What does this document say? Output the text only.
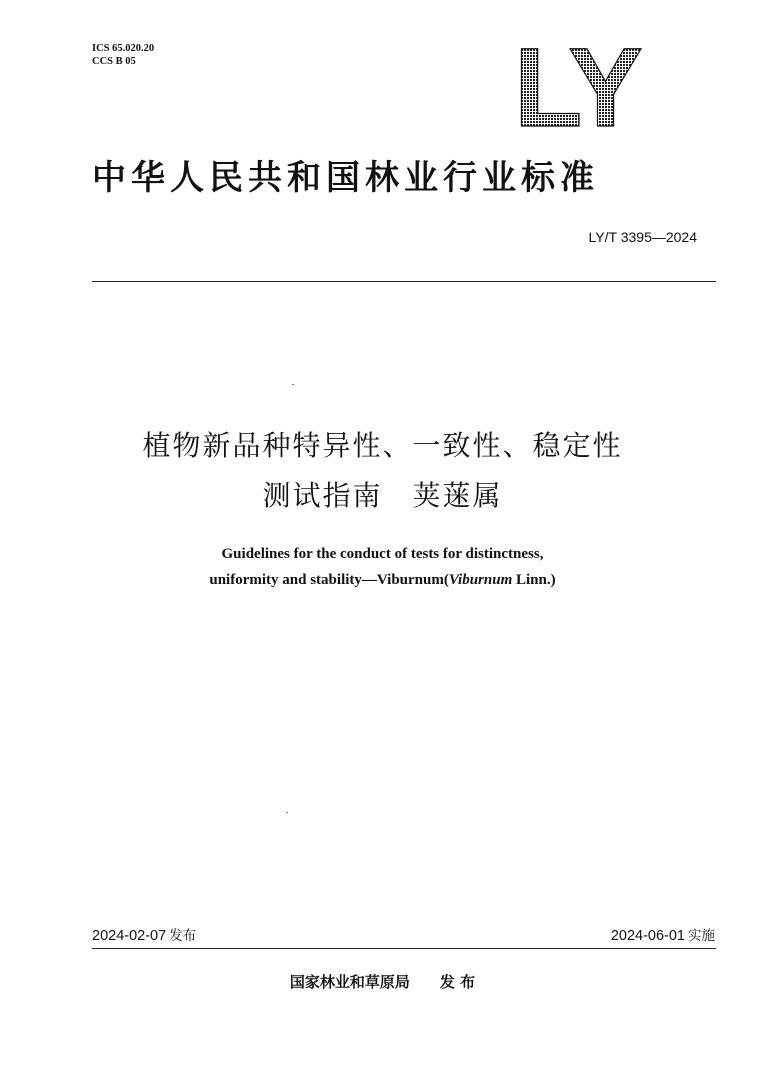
ICS 65.020.20
CCS B 05	LY
中华人民共和国林业行业标准
LY/T 3395—2024
植物新品种特异性、一致性、稳定性
测试指南　荚蒾属
Guidelines for the conduct of tests for distinctness,
uniformity and stability—Viburnum(Viburnum Linn.)
2024-02-07 发布	2024-06-01 实施
国家林业和草原局 发 布
